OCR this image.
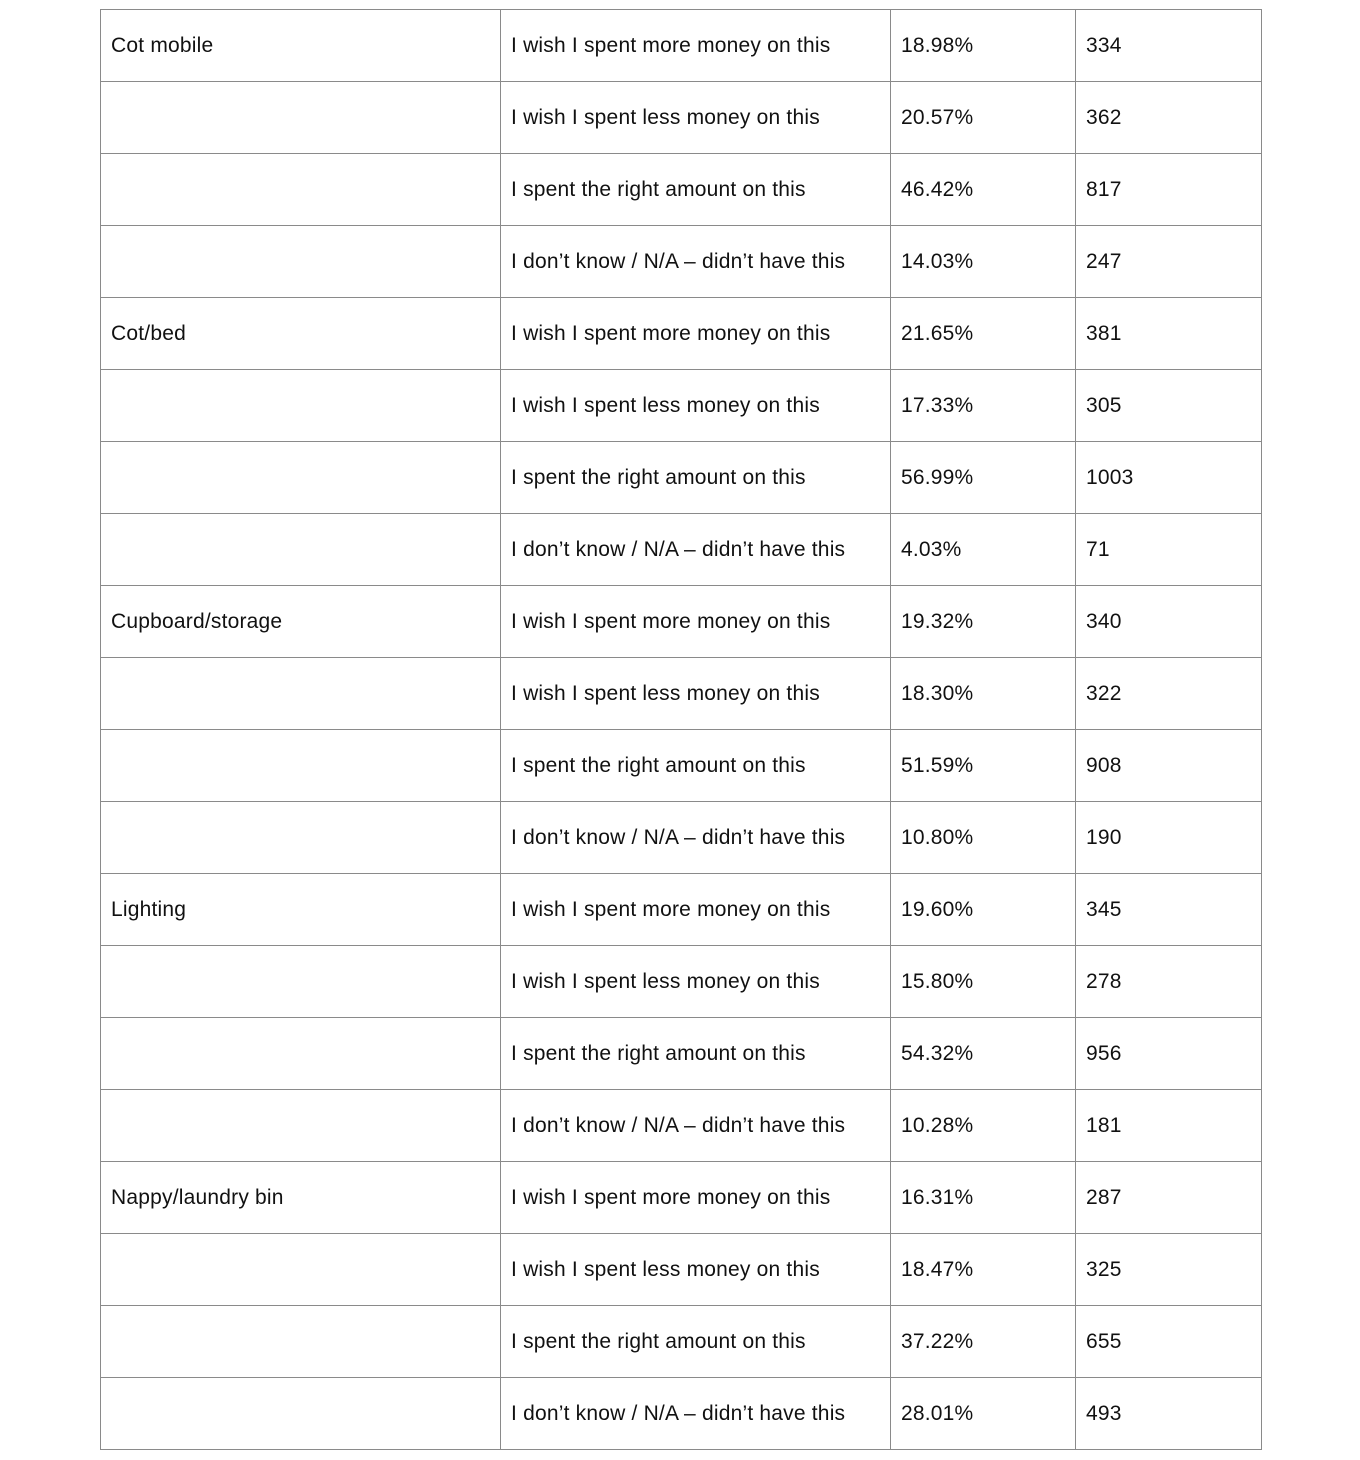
Cot mobile	I wish I spent more money on this	18.98%	334
	I wish I spent less money on this	20.57%	362
	I spent the right amount on this	46.42%	817
	I don’t know / N/A – didn’t have this	14.03%	247
Cot/bed	I wish I spent more money on this	21.65%	381
	I wish I spent less money on this	17.33%	305
	I spent the right amount on this	56.99%	1003
	I don’t know / N/A – didn’t have this	4.03%	71
Cupboard/storage	I wish I spent more money on this	19.32%	340
	I wish I spent less money on this	18.30%	322
	I spent the right amount on this	51.59%	908
	I don’t know / N/A – didn’t have this	10.80%	190
Lighting	I wish I spent more money on this	19.60%	345
	I wish I spent less money on this	15.80%	278
	I spent the right amount on this	54.32%	956
	I don’t know / N/A – didn’t have this	10.28%	181
Nappy/laundry bin	I wish I spent more money on this	16.31%	287
	I wish I spent less money on this	18.47%	325
	I spent the right amount on this	37.22%	655
	I don’t know / N/A – didn’t have this	28.01%	493
